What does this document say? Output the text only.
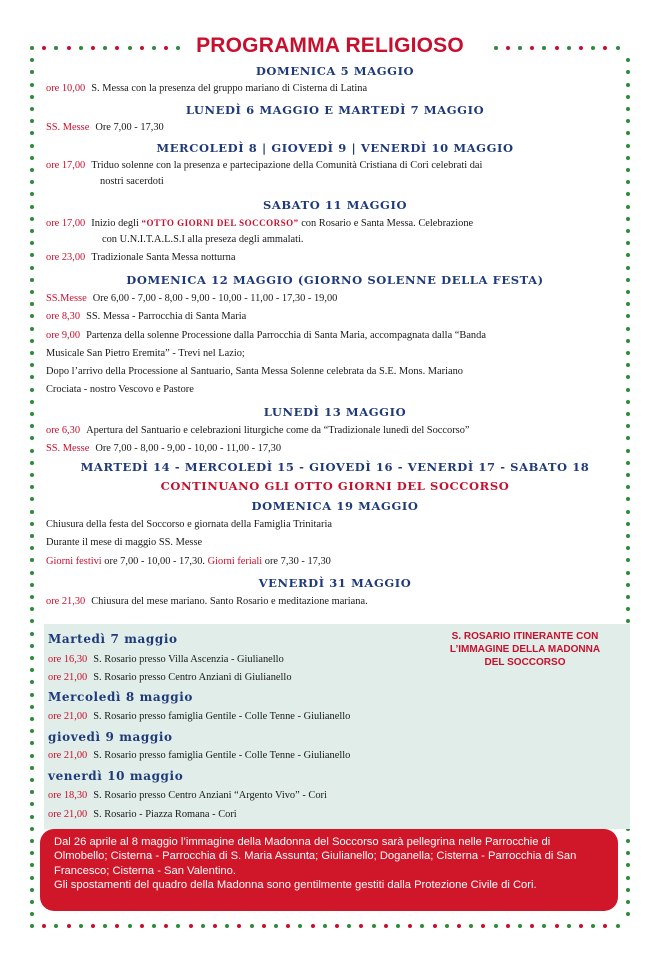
PROGRAMMA RELIGIOSO
DOMENICA 5 MAGGIO
ore 10,00 S. Messa con la presenza del gruppo mariano di Cisterna di Latina
LUNEDÌ 6 MAGGIO E MARTEDÌ 7 MAGGIO
SS. Messe Ore 7,00 - 17,30
MERCOLEDÌ 8 | GIOVEDÌ 9 | VENERDÌ 10 MAGGIO
ore 17,00 Triduo solenne con la presenza e partecipazione della Comunità Cristiana di Cori celebrati dai
nostri sacerdoti
SABATO 11 MAGGIO
ore 17,00 Inizio degli “OTTO GIORNI DEL SOCCORSO” con Rosario e Santa Messa. Celebrazione
con U.N.I.T.A.L.S.I alla preseza degli ammalati.
ore 23,00 Tradizionale Santa Messa notturna
DOMENICA 12 MAGGIO (GIORNO SOLENNE DELLA FESTA)
SS.Messe Ore 6,00 - 7,00 - 8,00 - 9,00 - 10,00 - 11,00 - 17,30 - 19,00
ore 8,30 SS. Messa - Parrocchia di Santa Maria
ore 9,00 Partenza della solenne Processione dalla Parrocchia di Santa Maria, accompagnata dalla “Banda
Musicale San Pietro Eremita” - Trevi nel Lazio;
Dopo l’arrivo della Processione al Santuario, Santa Messa Solenne celebrata da S.E. Mons. Mariano
Crociata - nostro Vescovo e Pastore
LUNEDÌ 13 MAGGIO
ore 6,30 Apertura del Santuario e celebrazioni liturgiche come da “Tradizionale lunedì del Soccorso”
SS. Messe Ore 7,00 - 8,00 - 9,00 - 10,00 - 11,00 - 17,30
MARTEDÌ 14 - MERCOLEDÌ 15 - GIOVEDÌ 16 - VENERDÌ 17 - SABATO 18
CONTINUANO GLI OTTO GIORNI DEL SOCCORSO
DOMENICA 19 MAGGIO
Chiusura della festa del Soccorso e giornata della Famiglia Trinitaria
Durante il mese di maggio SS. Messe
Giorni festivi ore 7,00 - 10,00 - 17,30. Giorni feriali ore 7,30 - 17,30
VENERDÌ 31 MAGGIO
ore 21,30 Chiusura del mese mariano. Santo Rosario e meditazione mariana.
S. ROSARIO ITINERANTE CON L’IMMAGINE DELLA MADONNA DEL SOCCORSO
Martedì 7 maggio
ore 16,30 S. Rosario presso Villa Ascenzia - Giulianello
ore 21,00 S. Rosario presso Centro Anziani di Giulianello
Mercoledì 8 maggio
ore 21,00 S. Rosario presso famiglia Gentile - Colle Tenne - Giulianello
giovedì 9 maggio
ore 21,00 S. Rosario presso famiglia Gentile - Colle Tenne - Giulianello
venerdì 10 maggio
ore 18,30 S. Rosario presso Centro Anziani “Argento Vivo” - Cori
ore 21,00 S. Rosario - Piazza Romana - Cori
Dal 26 aprile al 8 maggio l’immagine della Madonna del Soccorso sarà pellegrina nelle Parrocchie di Olmobello; Cisterna - Parrocchia di S. Maria Assunta; Giulianello; Doganella; Cisterna - Parrocchia di San Francesco; Cisterna - San Valentino.
Gli spostamenti del quadro della Madonna sono gentilmente gestiti dalla Protezione Civile di Cori.
